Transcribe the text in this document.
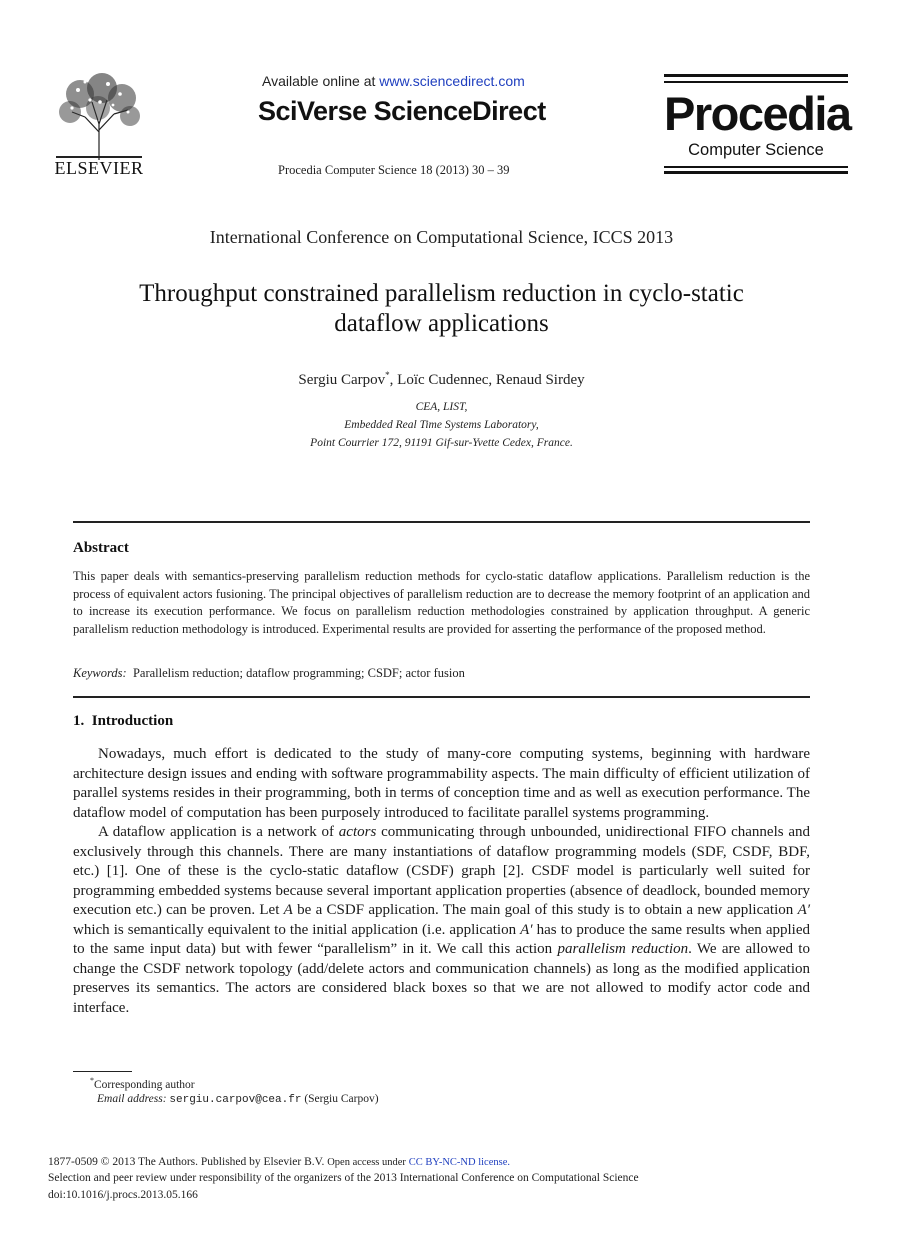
ELSEVIER
Available online at www.sciencedirect.com
SciVerse ScienceDirect
Procedia Computer Science 18 (2013) 30 – 39
Procedia
Computer Science
International Conference on Computational Science, ICCS 2013
Throughput constrained parallelism reduction in cyclo-static
dataflow applications
Sergiu Carpov*, Loïc Cudennec, Renaud Sirdey
CEA, LIST,
Embedded Real Time Systems Laboratory,
Point Courrier 172, 91191 Gif-sur-Yvette Cedex, France.
Abstract
This paper deals with semantics-preserving parallelism reduction methods for cyclo-static dataflow applications. Parallelism reduction is the process of equivalent actors fusioning. The principal objectives of parallelism reduction are to decrease the memory footprint of an application and to increase its execution performance. We focus on parallelism reduction methodologies constrained by application throughput. A generic parallelism reduction methodology is introduced. Experimental results are provided for asserting the performance of the proposed method.
Keywords: Parallelism reduction; dataflow programming; CSDF; actor fusion
1.  Introduction

Nowadays, much effort is dedicated to the study of many-core computing systems, beginning with hardware architecture design issues and ending with software programmability aspects. The main difficulty of efficient utilization of parallel systems resides in their programming, both in terms of conception time and as well as execution performance. The dataflow model of computation has been purposely introduced to facilitate parallel systems programming.

A dataflow application is a network of actors communicating through unbounded, unidirectional FIFO channels and exclusively through this channels. There are many instantiations of dataflow programming models (SDF, CSDF, BDF, etc.) [1]. One of these is the cyclo-static dataflow (CSDF) graph [2]. CSDF model is particularly well suited for programming embedded systems because several important application properties (absence of deadlock, bounded memory execution etc.) can be proven. Let A be a CSDF application. The main goal of this study is to obtain a new application A′ which is semantically equivalent to the initial application (i.e. application A′ has to produce the same results when applied to the same input data) but with fewer “parallelism” in it. We call this action parallelism reduction. We are allowed to change the CSDF network topology (add/delete actors and communication channels) as long as the modified application preserves its semantics. The actors are considered black boxes so that we are not allowed to modify actor code and interface.

*Corresponding author
Email address: sergiu.carpov@cea.fr (Sergiu Carpov)
1877-0509 © 2013 The Authors. Published by Elsevier B.V. Open access under CC BY-NC-ND license.
Selection and peer review under responsibility of the organizers of the 2013 International Conference on Computational Science
doi:10.1016/j.procs.2013.05.166
